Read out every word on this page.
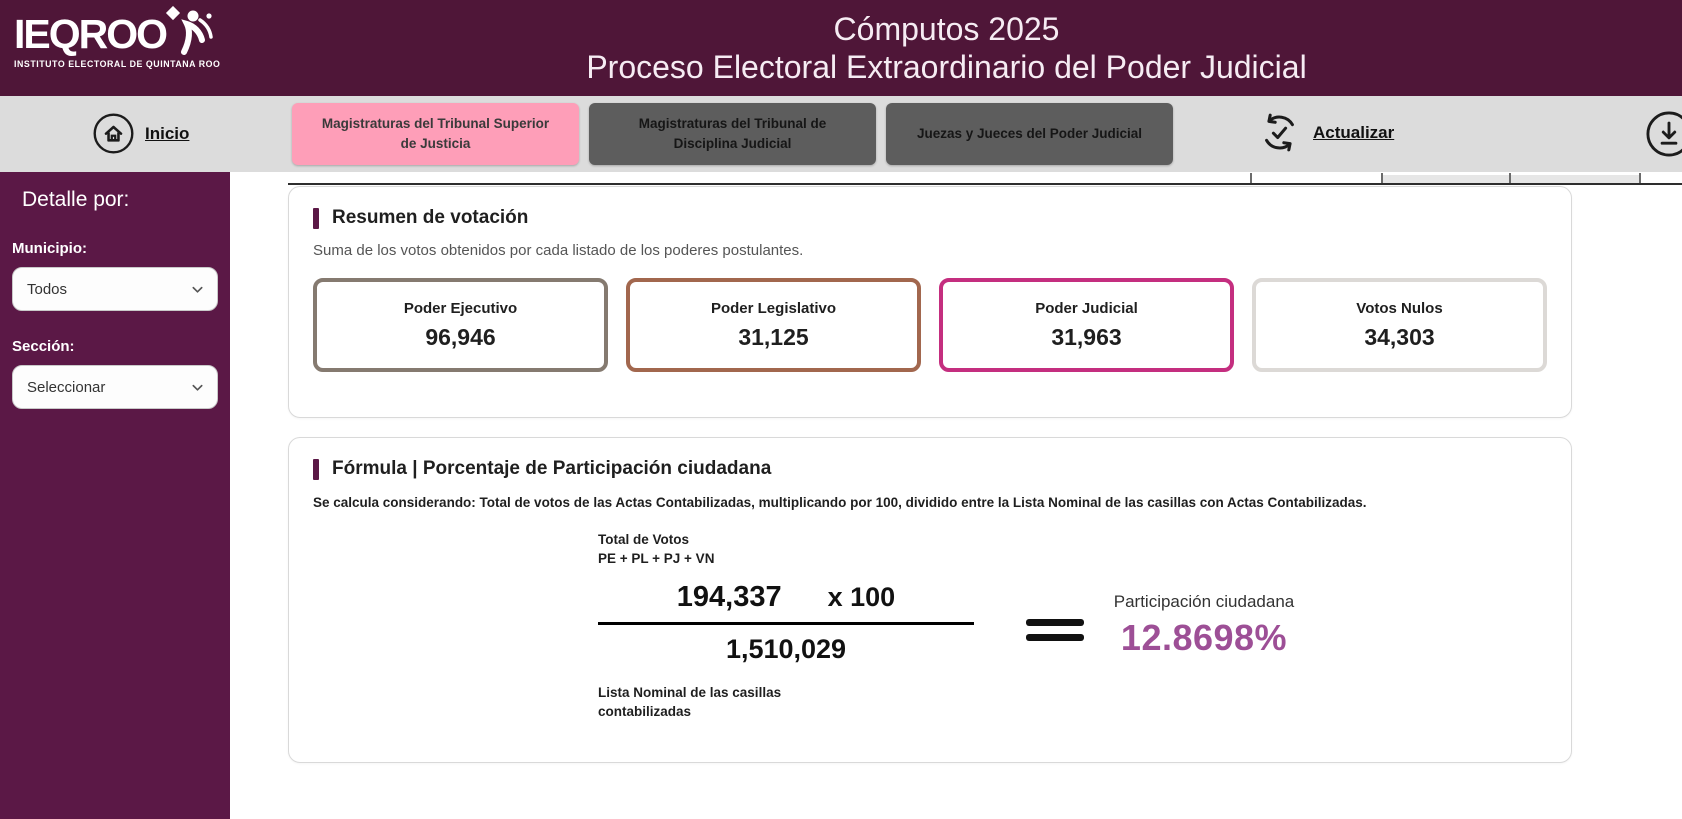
IEQROO
INSTITUTO ELECTORAL DE QUINTANA ROO
Cómputos 2025
Proceso Electoral Extraordinario del Poder Judicial
Inicio	Magistraturas del Tribunal Superior de Justicia
Magistraturas del Tribunal de Disciplina Judicial
Juezas y Jueces del Poder Judicial	Actualizar
Detalle por:
Municipio:
Todos
Sección:
Seleccionar
Resumen de votación
Suma de los votos obtenidos por cada listado de los poderes postulantes.
Poder Ejecutivo
96,946
Poder Legislativo
31,125
Poder Judicial
31,963
Votos Nulos
34,303
Fórmula | Porcentaje de Participación ciudadana
Se calcula considerando: Total de votos de las Actas Contabilizadas, multiplicando por 100, dividido entre la Lista Nominal de las casillas con Actas Contabilizadas.
Total de Votos
PE + PL + PJ + VN
194,337 x 100
1,510,029
Lista Nominal de las casillas contabilizadas
Participación ciudadana
12.8698%
